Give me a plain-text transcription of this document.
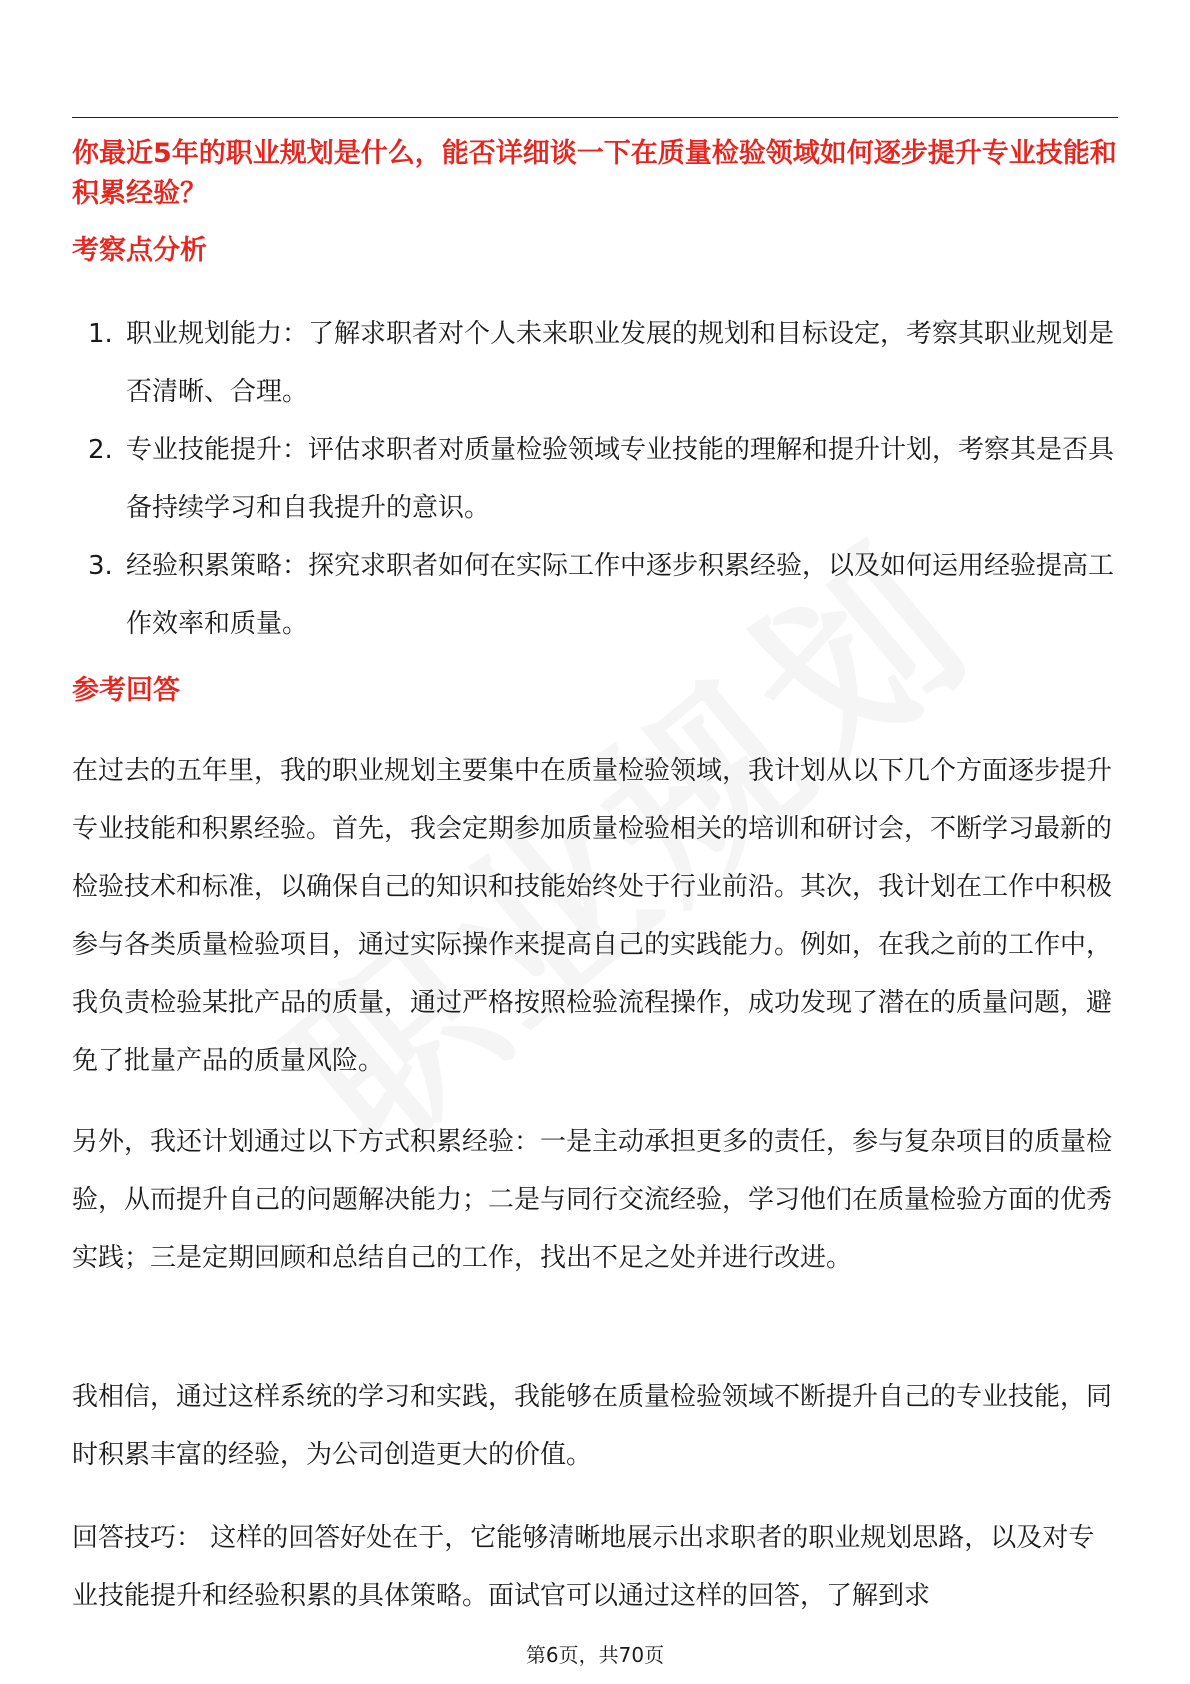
你最近5年的职业规划是什么，能否详细谈一下在质量检验领域如何逐步提升专业技能和积累经验？
考察点分析
1. 职业规划能力：了解求职者对个人未来职业发展的规划和目标设定，考察其职业规划是否清晰、合理。
2. 专业技能提升：评估求职者对质量检验领域专业技能的理解和提升计划，考察其是否具备持续学习和自我提升的意识。
3. 经验积累策略：探究求职者如何在实际工作中逐步积累经验，以及如何运用经验提高工作效率和质量。
参考回答

在过去的五年里，我的职业规划主要集中在质量检验领域，我计划从以下几个方面逐步提升专业技能和积累经验。首先，我会定期参加质量检验相关的培训和研讨会，不断学习最新的检验技术和标准，以确保自己的知识和技能始终处于行业前沿。其次，我计划在工作中积极参与各类质量检验项目，通过实际操作来提高自己的实践能力。例如，在我之前的工作中，我负责检验某批产品的质量，通过严格按照检验流程操作，成功发现了潜在的质量问题，避免了批量产品的质量风险。

另外，我还计划通过以下方式积累经验：一是主动承担更多的责任，参与复杂项目的质量检验，从而提升自己的问题解决能力；二是与同行交流经验，学习他们在质量检验方面的优秀实践；三是定期回顾和总结自己的工作，找出不足之处并进行改进。

我相信，通过这样系统的学习和实践，我能够在质量检验领域不断提升自己的专业技能，同时积累丰富的经验，为公司创造更大的价值。

回答技巧： 这样的回答好处在于，它能够清晰地展示出求职者的职业规划思路，以及对专业技能提升和经验积累的具体策略。面试官可以通过这样的回答，了解到求

第6页，共70页
